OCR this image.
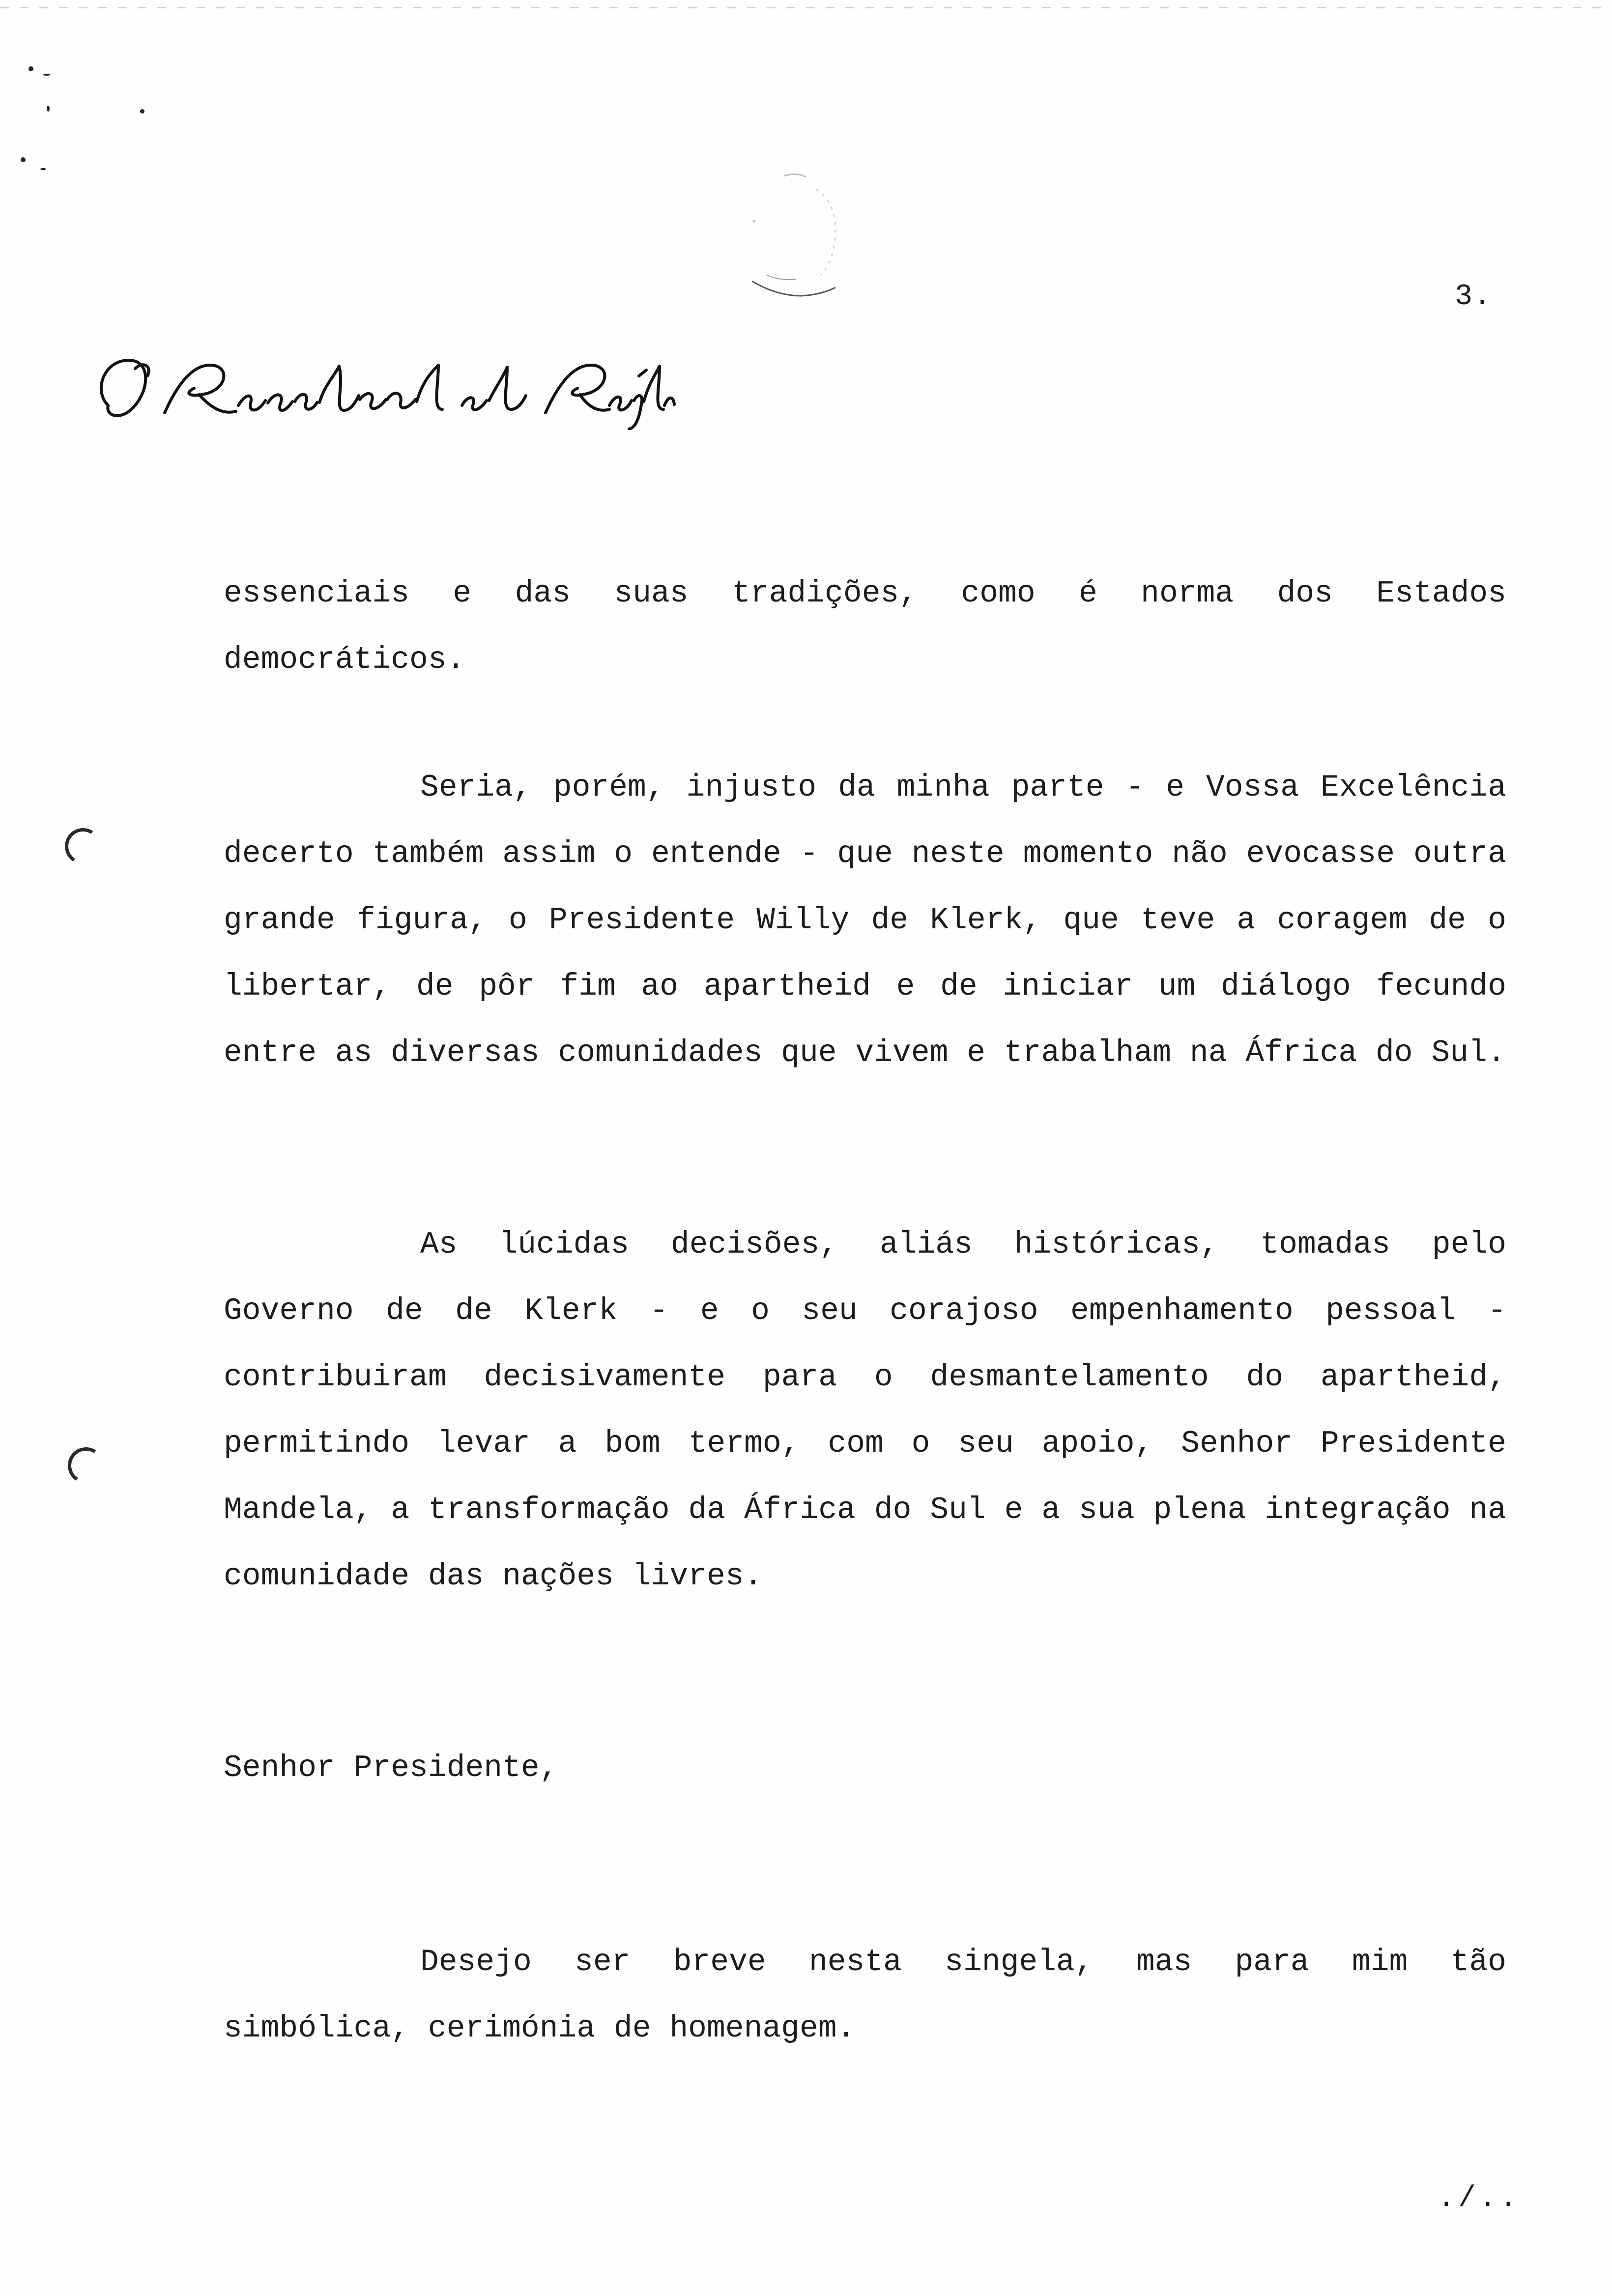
3.

essenciais e das suas tradições, como é norma dos Estados democráticos.

Seria, porém, injusto da minha parte - e Vossa Excelência decerto também assim o entende - que neste momento não evocasse outra grande figura, o Presidente Willy de Klerk, que teve a coragem de o libertar, de pôr fim ao apartheid e de iniciar um diálogo fecundo entre as diversas comunidades que vivem e trabalham na África do Sul.

As lúcidas decisões, aliás históricas, tomadas pelo Governo de de Klerk - e o seu corajoso empenhamento pessoal - contribuiram decisivamente para o desmantelamento do apartheid, permitindo levar a bom termo, com o seu apoio, Senhor Presidente Mandela, a transformação da África do Sul e a sua plena integração na comunidade das nações livres.

Senhor Presidente,

Desejo ser breve nesta singela, mas para mim tão simbólica, cerimónia de homenagem.

./..
